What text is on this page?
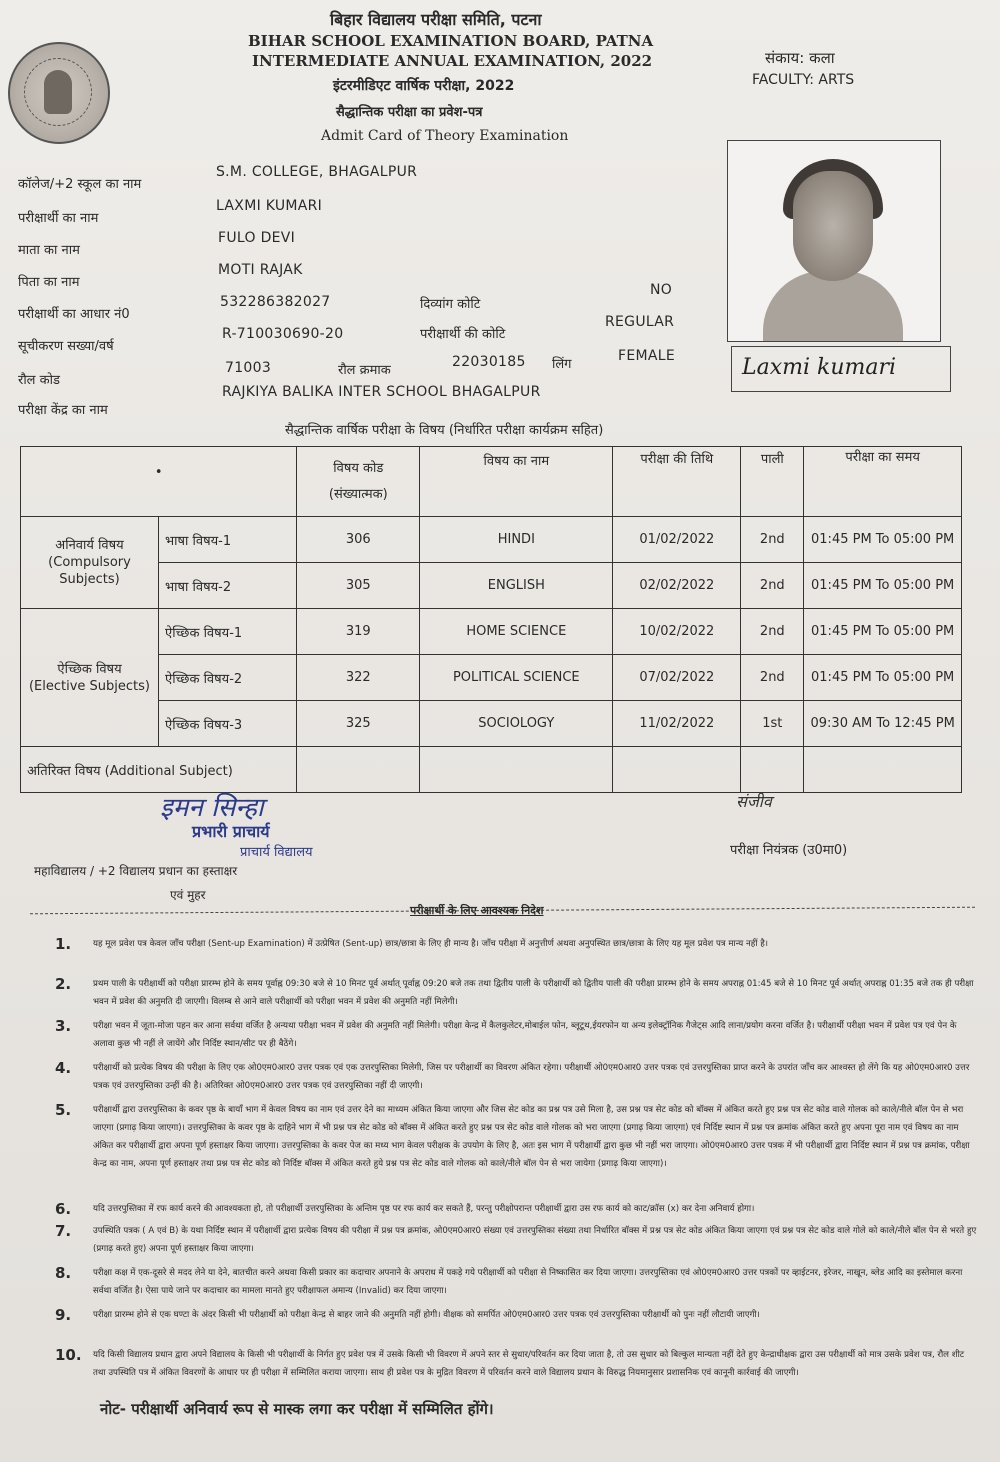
बिहार विद्यालय परीक्षा समिति, पटना
BIHAR SCHOOL EXAMINATION BOARD, PATNA
INTERMEDIATE ANNUAL EXAMINATION, 2022
इंटरमीडिएट वार्षिक परीक्षा, 2022
सैद्धान्तिक परीक्षा का प्रवेश-पत्र
Admit Card of Theory Examination
संकाय: कला
FACULTY: ARTS
कॉलेज/+2 स्कूल का नाम
S.M. COLLEGE, BHAGALPUR
परीक्षार्थी का नाम
LAXMI KUMARI
माता का नाम
FULO DEVI
पिता का नाम
MOTI RAJAK
परीक्षार्थी का आधार नं0
532286382027	दिव्यांग कोटि
NO
सूचीकरण सख्या/वर्ष
R-710030690-20	परीक्षार्थी की कोटि
REGULAR
रौल कोड
71003	रौल क्रमाक
22030185 लिंग
FEMALE
परीक्षा केंद्र का नाम
RAJKIYA BALIKA INTER SCHOOL BHAGALPUR
Laxmi kumari
सैद्धान्तिक वार्षिक परीक्षा के विषय (निर्धारित परीक्षा कार्यक्रम सहित)
•		विषय कोड
(संख्यात्मक)	विषय का नाम	परीक्षा की तिथि	पाली	परीक्षा का समय
अनिवार्य विषय
(Compulsory Subjects)	भाषा विषय-1	306	HINDI	01/02/2022	2nd	01:45 PM To 05:00 PM
	भाषा विषय-2	305	ENGLISH	02/02/2022	2nd	01:45 PM To 05:00 PM
ऐच्छिक विषय
(Elective Subjects)	ऐच्छिक विषय-1	319	HOME SCIENCE	10/02/2022	2nd	01:45 PM To 05:00 PM
	ऐच्छिक विषय-2	322	POLITICAL SCIENCE	07/02/2022	2nd	01:45 PM To 05:00 PM
	ऐच्छिक विषय-3	325	SOCIOLOGY	11/02/2022	1st	09:30 AM To 12:45 PM
अतिरिक्त विषय (Additional Subject)						
इमन सिन्हा
प्रभारी प्राचार्य
प्राचार्य विद्यालय
महाविद्यालय / +2 विद्यालय प्रधान का हस्ताक्षर
एवं मुहर
संजीव
परीक्षा नियंत्रक (उ0मा0)
परीक्षार्थी के लिए आवश्यक निदेश
1.	यह मूल प्रवेश पत्र केवल जाँच परीक्षा (Sent-up Examination) में उत्प्रेषित (Sent-up) छात्र/छात्रा के लिए ही मान्य है। जाँच परीक्षा में अनुत्तीर्ण अथवा अनुपस्थित छात्र/छात्रा के लिए यह मूल प्रवेश पत्र मान्य नहीं है।
2.	प्रथम पाली के परीक्षार्थी को परीक्षा प्रारम्भ होने के समय पूर्वाह्न 09:30 बजे से 10 मिनट पूर्व अर्थात् पूर्वाह्न 09:20 बजे तक तथा द्वितीय पाली के परीक्षार्थी को द्वितीय पाली की परीक्षा प्रारम्भ होने के समय अपराह्न 01:45 बजे से 10 मिनट पूर्व अर्थात् अपराह्न 01:35 बजे तक ही परीक्षा भवन में प्रवेश की अनुमति दी जाएगी। विलम्ब से आने वाले परीक्षार्थी को परीक्षा भवन में प्रवेश की अनुमति नहीं मिलेगी।
3.	परीक्षा भवन में जूता-मोजा पहन कर आना सर्वथा वर्जित है अन्यथा परीक्षा भवन में प्रवेश की अनुमति नहीं मिलेगी। परीक्षा केन्द्र में कैलकुलेटर,मोबाईल फोन, ब्लूटूथ,ईयरफोन या अन्य इलेक्ट्रॉनिक गैजेट्स आदि लाना/प्रयोग करना वर्जित है। परीक्षार्थी परीक्षा भवन में प्रवेश पत्र एवं पेन के अलावा कुछ भी नहीं ले जायेंगे और निर्दिष्ट स्थान/सीट पर ही बैठेंगे।
4.	परीक्षार्थी को प्रत्येक विषय की परीक्षा के लिए एक ओ0एम0आर0 उत्तर पत्रक एवं एक उत्तरपुस्तिका मिलेगी, जिस पर परीक्षार्थी का विवरण अंकित रहेगा। परीक्षार्थी ओ0एम0आर0 उत्तर पत्रक एवं उत्तरपुस्तिका प्राप्त करने के उपरांत जाँच कर आश्वस्त हो लेंगे कि यह ओ0एम0आर0 उत्तर पत्रक एवं उत्तरपुस्तिका उन्हीं की है। अतिरिक्त ओ0एम0आर0 उत्तर पत्रक एवं उत्तरपुस्तिका नहीं दी जाएगी।
5.	परीक्षार्थी द्वारा उत्तरपुस्तिका के कवर पृष्ठ के बायाँ भाग में केवल विषय का नाम एवं उत्तर देने का माध्यम अंकित किया जाएगा और जिस सेट कोड का प्रश्न पत्र उसे मिला है, उस प्रश्न पत्र सेट कोड को बॉक्स में अंकित करते हुए प्रश्न पत्र सेट कोड वाले गोलक को काले/नीले बॉल पेन से भरा जाएगा (प्रगाढ़ किया जाएगा)। उत्तरपुस्तिका के कवर पृष्ठ के दाहिने भाग में भी प्रश्न पत्र सेट कोड को बॉक्स में अंकित करते हुए प्रश्न पत्र सेट कोड वाले गोलक को भरा जाएगा (प्रगाढ़ किया जाएगा) एवं निर्दिष्ट स्थान में प्रश्न पत्र क्रमांक अंकित करते हुए अपना पूरा नाम एवं विषय का नाम अंकित कर परीक्षार्थी द्वारा अपना पूर्ण हस्ताक्षर किया जाएगा। उत्तरपुस्तिका के कवर पेज का मध्य भाग केवल परीक्षक के उपयोग के लिए है, अतः इस भाग में परीक्षार्थी द्वारा कुछ भी नहीं भरा जाएगा। ओ0एम0आर0 उत्तर पत्रक में भी परीक्षार्थी द्वारा निर्दिष्ट स्थान में प्रश्न पत्र क्रमांक, परीक्षा केन्द्र का नाम, अपना पूर्ण हस्ताक्षर तथा प्रश्न पत्र सेट कोड को निर्दिष्ट बॉक्स में अंकित करते हुये प्रश्न पत्र सेट कोड वाले गोलक को काले/नीले बॉल पेन से भरा जायेगा (प्रगाढ़ किया जाएगा)।
6.	यदि उत्तरपुस्तिका में रफ कार्य करने की आवश्यकता हो, तो परीक्षार्थी उत्तरपुस्तिका के अन्तिम पृष्ठ पर रफ कार्य कर सकते हैं, परन्तु परीक्षोपरान्त परीक्षार्थी द्वारा उस रफ कार्य को काट/क्रॉस (x) कर देना अनिवार्य होगा।
7.	उपस्थिति पत्रक ( A एवं B) के यथा निर्दिष्ट स्थान में परीक्षार्थी द्वारा प्रत्येक विषय की परीक्षा में प्रश्न पत्र क्रमांक, ओ0एम0आर0 संख्या एवं उत्तरपुस्तिका संख्या तथा निर्धारित बॉक्स में प्रश्न पत्र सेट कोड अंकित किया जाएगा एवं प्रश्न पत्र सेट कोड वाले गोले को काले/नीले बॉल पेन से भरते हुए (प्रगाढ़ करते हुए) अपना पूर्ण हस्ताक्षर किया जाएगा।
8.	परीक्षा कक्ष में एक-दूसरे से मदद लेने या देने, बातचीत करने अथवा किसी प्रकार का कदाचार अपनाने के अपराध में पकड़े गये परीक्षार्थी को परीक्षा से निष्कासित कर दिया जाएगा। उत्तरपुस्तिका एवं ओ0एम0आर0 उत्तर पत्रकों पर व्हाईटनर, इरेजर, नाखून, ब्लेड आदि का इस्तेमाल करना सर्वथा वर्जित है। ऐसा पाये जाने पर कदाचार का मामला मानते हुए परीक्षाफल अमान्य (Invalid) कर दिया जाएगा।
9.	परीक्षा प्रारम्भ होने से एक घण्टा के अंदर किसी भी परीक्षार्थी को परीक्षा केन्द्र से बाहर जाने की अनुमति नहीं होगी। वीक्षक को समर्पित ओ0एम0आर0 उत्तर पत्रक एवं उत्तरपुस्तिका परीक्षार्थी को पुनः नहीं लौटायी जाएगी।
10. यदि किसी विद्यालय प्रधान द्वारा अपने विद्यालय के किसी भी परीक्षार्थी के निर्गत हुए प्रवेश पत्र में उसके किसी भी विवरण में अपने स्तर से सुधार/परिवर्तन कर दिया जाता है, तो उस सुधार को बिल्कुल मान्यता नहीं देते हुए केन्द्राधीक्षक द्वारा उस परीक्षार्थी को मात्र उसके प्रवेश पत्र, रौल शीट तथा उपस्थिति पत्र में अंकित विवरणों के आधार पर ही परीक्षा में सम्मिलित कराया जाएगा। साथ ही प्रवेश पत्र के मुद्रित विवरण में परिवर्तन करने वाले विद्यालय प्रधान के विरुद्ध नियमानुसार प्रशासनिक एवं कानूनी कार्रवाई की जाएगी।
नोट- परीक्षार्थी अनिवार्य रूप से मास्क लगा कर परीक्षा में सम्मिलित होंगे।
